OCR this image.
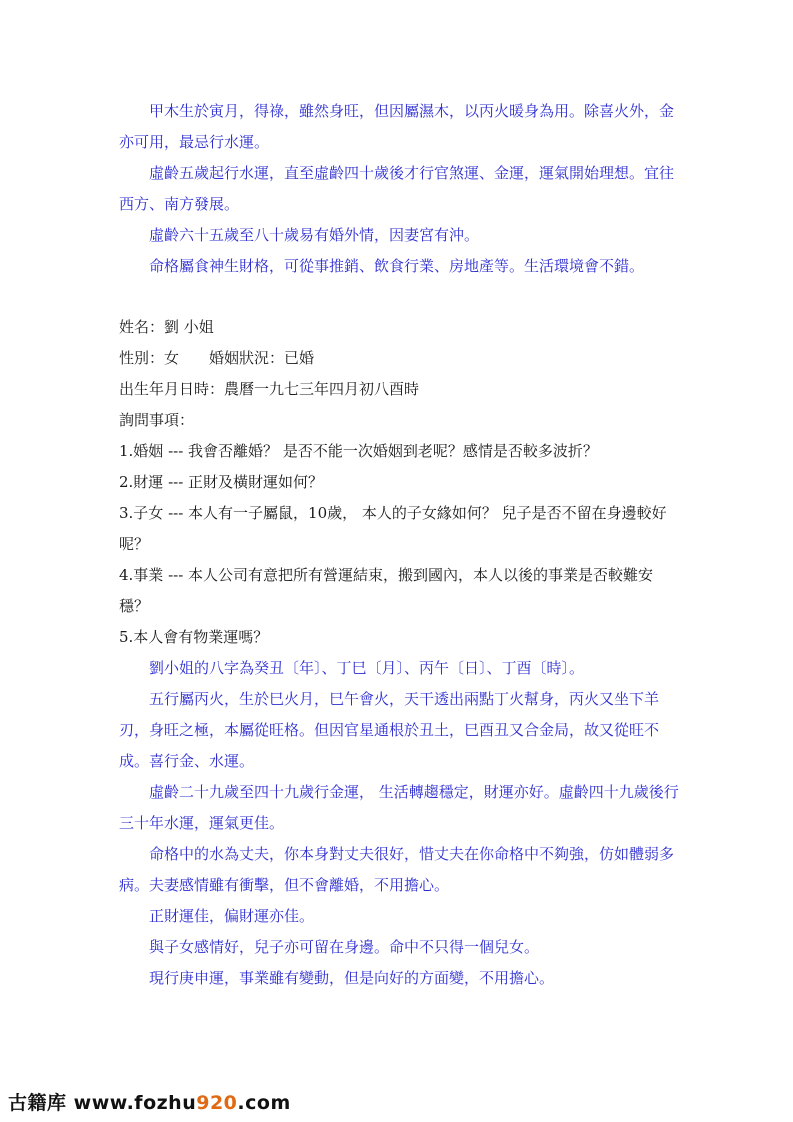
甲木生於寅月，得祿，雖然身旺，但因屬濕木，以丙火暖身為用。除喜火外，金亦可用，最忌行水運。

虛齡五歲起行水運，直至虛齡四十歲後才行官煞運、金運，運氣開始理想。宜往西方、南方發展。

虛齡六十五歲至八十歲易有婚外情，因妻宮有沖。

命格屬食神生財格，可從事推銷、飲食行業、房地產等。生活環境會不錯。

姓名：劉 小姐

性別：女　　婚姻狀況：已婚

出生年月日時：農曆一九七三年四月初八酉時

詢問事項：

1.婚姻 --- 我會否離婚？ 是否不能一次婚姻到老呢？感情是否較多波折？

2.財運 --- 正財及橫財運如何？

3.子女 --- 本人有一子屬鼠，10歲， 本人的子女緣如何？ 兒子是否不留在身邊較好呢？

4.事業 --- 本人公司有意把所有營運結束，搬到國內，本人以後的事業是否較難安穩？

5.本人會有物業運嗎？

劉小姐的八字為癸丑〔年〕、丁巳〔月〕、丙午〔日〕、丁酉〔時〕。

五行屬丙火，生於巳火月，巳午會火，天干透出兩點丁火幫身，丙火又坐下羊刃，身旺之極，本屬從旺格。但因官星通根於丑土，巳酉丑又合金局，故又從旺不成。喜行金、水運。

虛齡二十九歲至四十九歲行金運， 生活轉趨穩定，財運亦好。虛齡四十九歲後行三十年水運，運氣更佳。

命格中的水為丈夫，你本身對丈夫很好，惜丈夫在你命格中不夠強，仿如體弱多病。夫妻感情雖有衝擊，但不會離婚，不用擔心。

正財運佳，偏財運亦佳。

與子女感情好，兒子亦可留在身邊。命中不只得一個兒女。

現行庚申運，事業雖有變動，但是向好的方面變，不用擔心。

古籍库 www.fozhu920.com
